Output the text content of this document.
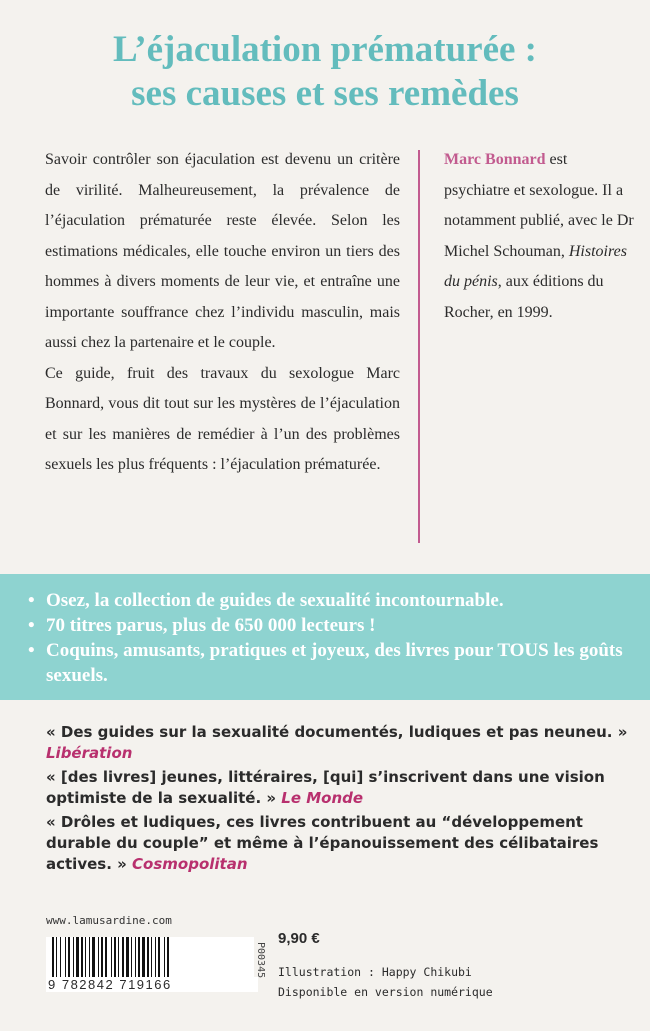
L’éjaculation prématurée :
ses causes et ses remèdes

Savoir contrôler son éjaculation est devenu un critère de virilité. Malheureusement, la prévalence de l’éjaculation prématurée reste élevée. Selon les estimations médicales, elle touche environ un tiers des hommes à divers moments de leur vie, et entraîne une importante souffrance chez l’individu masculin, mais aussi chez la partenaire et le couple.

Ce guide, fruit des travaux du sexologue Marc Bonnard, vous dit tout sur les mystères de l’éjaculation et sur les manières de remédier à l’un des problèmes sexuels les plus fréquents : l’éjaculation prématurée.

Marc Bonnard est psychiatre et sexologue. Il a notamment publié, avec le Dr Michel Schouman, Histoires du pénis, aux éditions du Rocher, en 1999.
• Osez, la collection de guides de sexualité incontournable.
• 70 titres parus, plus de 650 000 lecteurs !
• Coquins, amusants, pratiques et joyeux, des livres pour TOUS les goûts sexuels.

« Des guides sur la sexualité documentés, ludiques et pas neuneu. » Libération

« [des livres] jeunes, littéraires, [qui] s’inscrivent dans une vision optimiste de la sexualité. » Le Monde

« Drôles et ludiques, ces livres contribuent au “développement durable du couple” et même à l’épanouissement des célibataires actives. » Cosmopolitan

www.lamusardine.com
9 782842 719166
P00345
9,90 €
Illustration : Happy Chikubi
Disponible en version numérique
